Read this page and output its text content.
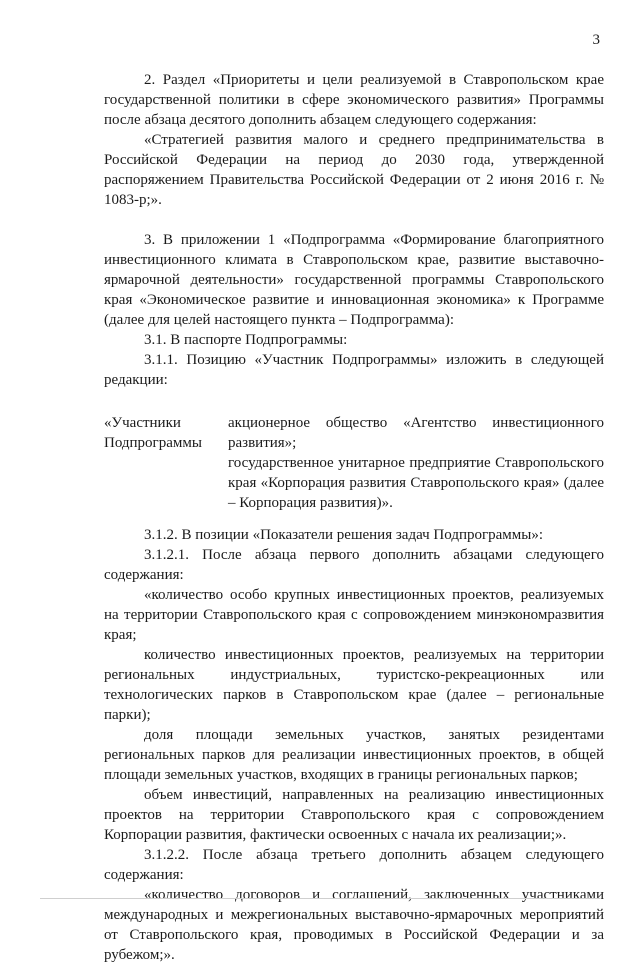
3

2. Раздел «Приоритеты и цели реализуемой в Ставропольском крае государственной политики в сфере экономического развития» Программы после абзаца десятого дополнить абзацем следующего содержания:

«Стратегией развития малого и среднего предпринимательства в Российской Федерации на период до 2030 года, утвержденной распоряжением Правительства Российской Федерации от 2 июня 2016 г. № 1083-р;».

3. В приложении 1 «Подпрограмма «Формирование благоприятного инвестиционного климата в Ставропольском крае, развитие выставочно-ярмарочной деятельности» государственной программы Ставропольского края «Экономическое развитие и инновационная экономика» к Программе (далее для целей настоящего пункта – Подпрограмма):

3.1. В паспорте Подпрограммы:

3.1.1. Позицию «Участник Подпрограммы» изложить в следующей редакции:

«Участники Подпрограммы
акционерное общество «Агентство инвестиционного развития»;
государственное унитарное предприятие Ставропольского края «Корпорация развития Ставропольского края» (далее – Корпорация развития)».

3.1.2. В позиции «Показатели решения задач Подпрограммы»:

3.1.2.1. После абзаца первого дополнить абзацами следующего содержания:

«количество особо крупных инвестиционных проектов, реализуемых на территории Ставропольского края с сопровождением минэкономразвития края;

количество инвестиционных проектов, реализуемых на территории региональных индустриальных, туристско-рекреационных или технологических парков в Ставропольском крае (далее – региональные парки);

доля площади земельных участков, занятых резидентами региональных парков для реализации инвестиционных проектов, в общей площади земельных участков, входящих в границы региональных парков;

объем инвестиций, направленных на реализацию инвестиционных проектов на территории Ставропольского края с сопровождением Корпорации развития, фактически освоенных с начала их реализации;».

3.1.2.2. После абзаца третьего дополнить абзацем следующего содержания:

«количество договоров и соглашений, заключенных участниками международных и межрегиональных выставочно-ярмарочных мероприятий от Ставропольского края, проводимых в Российской Федерации и за рубежом;».
